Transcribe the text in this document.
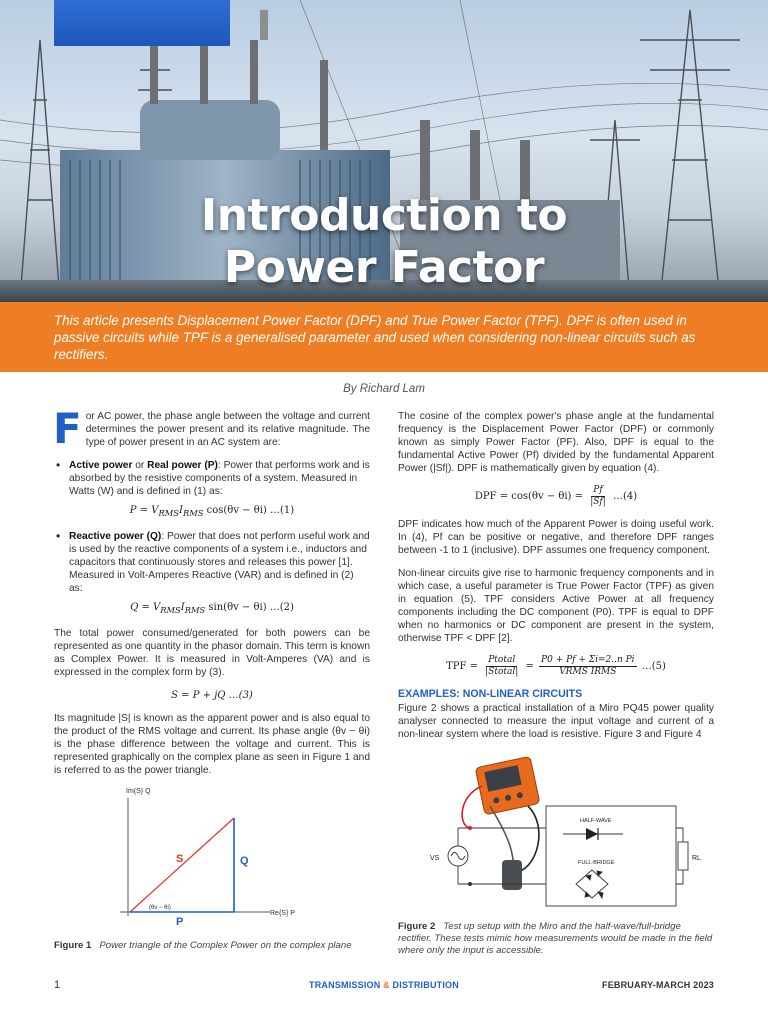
Introduction to
Power Factor
This article presents Displacement Power Factor (DPF) and True Power Factor (TPF). DPF is often used in passive circuits while TPF is a generalised parameter and used when considering non-linear circuits such as rectifiers.
By Richard Lam

For AC power, the phase angle between the voltage and current determines the power present and its relative magnitude. The type of power present in an AC system are:

• Active power or Real power (P): Power that performs work and is absorbed by the resistive components of a system. Measured in Watts (W) and is defined in (1) as:
$P = V_{RMS}I_{RMS}$ cos(θv − θi) …(1)
• Reactive power (Q): Power that does not perform useful work and is used by the reactive components of a system i.e., inductors and capacitors that continuously stores and releases this power [1]. Measured in Volt-Amperes Reactive (VAR) and is defined in (2) as:
$Q = V_{RMS}I_{RMS}$ sin(θv − θi) …(2)

The total power consumed/generated for both powers can be represented as one quantity in the phasor domain. This term is known as Complex Power. It is measured in Volt-Amperes (VA) and is expressed in the complex form by (3).

S = P + jQ …(3)

Its magnitude |S| is known as the apparent power and is also equal to the product of the RMS voltage and current. Its phase angle (θv − θi) is the phase difference between the voltage and current. This is represented graphically on the complex plane as seen in Figure 1 and is referred to as the power triangle.

Im{S} Q
Re{S} P
S	Q
P
(θv − θi)
Figure 1 Power triangle of the Complex Power on the complex plane

The cosine of the complex power's phase angle at the fundamental frequency is the Displacement Power Factor (DPF) or commonly known as simply Power Factor (PF). Also, DPF is equal to the fundamental Active Power (Pf) divided by the fundamental Apparent Power (|Sf|). DPF is mathematically given by equation (4).

DPF = $\cos(\theta v - \theta i) = \frac{Pf}{|Sf|}$ …(4)

DPF indicates how much of the Apparent Power is doing useful work. In (4), Pf can be positive or negative, and therefore DPF ranges between -1 to 1 (inclusive). DPF assumes one frequency component.

Non-linear circuits give rise to harmonic frequency components and in which case, a useful parameter is True Power Factor (TPF) as given in equation (5). TPF considers Active Power at all frequency components including the DC component (P0). TPF is equal to DPF when no harmonics or DC component are present in the system, otherwise TPF < DPF [2].

TPF = $\frac{\text{Ptotal}}{\text{|Stotal|}} = \frac{\text{P0 + Pf + Σi=2..n Pi}}{\text{VRMS IRMS}}$ …(5)
EXAMPLES: NON-LINEAR CIRCUITS

Figure 2 shows a practical installation of a Miro PQ45 power quality analyser connected to measure the input voltage and current of a non-linear system where the load is resistive. Figure 3 and Figure 4

VS	RL
HALF-WAVE
FULL-BRIDGE
Figure 2 Test up setup with the Miro and the half-wave/full-bridge rectifier. These tests mimic how measurements would be made in the field where only the input is accessible.
1	TRANSMISSION & DISTRIBUTION	FEBRUARY-MARCH 2023
